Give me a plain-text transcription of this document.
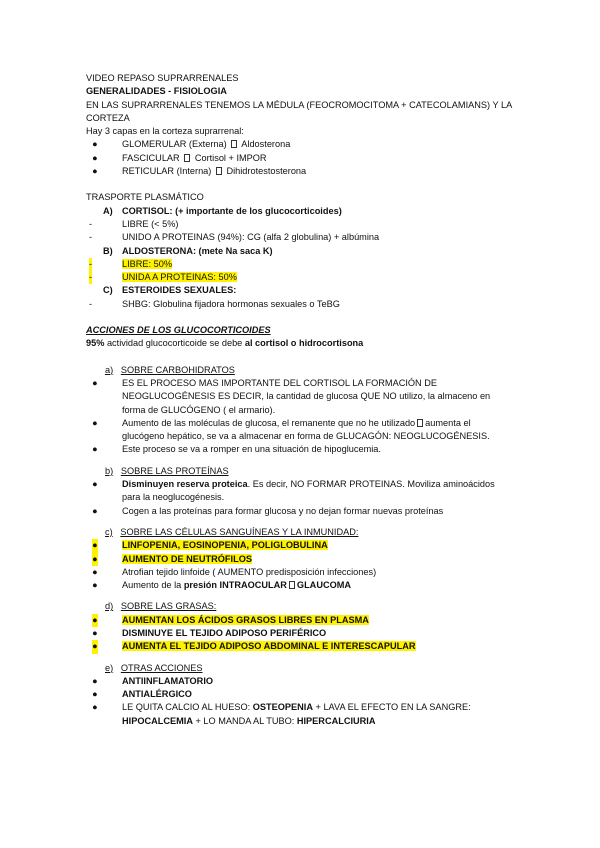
VIDEO REPASO SUPRARRENALES
GENERALIDADES - FISIOLOGIA
EN LAS SUPRARRENALES TENEMOS LA MÉDULA (FEOCROMOCITOMA + CATECOLAMIANS) Y LA
CORTEZA
Hay 3 capas en la corteza suprarrenal:
●	GLOMERULAR (Externa) Aldosterona
●	FASCICULAR Cortisol + IMPOR
●	RETICULAR (Interna) Dihidrotestosterona
TRASPORTE PLASMÁTICO
A) CORTISOL: (+ importante de los glucocorticoides)
-	LIBRE (< 5%)
-	UNIDO A PROTEINAS (94%): CG (alfa 2 globulina) + albúmina
B) ALDOSTERONA: (mete Na saca K)
-	LIBRE: 50%
-	UNIDA A PROTEINAS: 50%
C) ESTEROIDES SEXUALES:
-	SHBG: Globulina fijadora hormonas sexuales o TeBG
ACCIONES DE LOS GLUCOCORTICOIDES
95% actividad glucocorticoide se debe al cortisol o hidrocortisona
a) SOBRE CARBOHIDRATOS
●	ES EL PROCESO MAS IMPORTANTE DEL CORTISOL LA FORMACIÓN DE
NEOGLUCOGÉNESIS ES DECIR, la cantidad de glucosa QUE NO utilizo, la almaceno en
forma de GLUCÓGENO ( el armario).
●	Aumento de las moléculas de glucosa, el remanente que no he utilizado aumenta el
glucógeno hepático, se va a almacenar en forma de GLUCAGÓN: NEOGLUCOGÉNESIS.
●	Este proceso se va a romper en una situación de hipoglucemia.
b) SOBRE LAS PROTEÍNAS
●	Disminuyen reserva proteica. Es decir, NO FORMAR PROTEINAS. Moviliza aminoácidos
para la neoglucogénesis.
●	Cogen a las proteínas para formar glucosa y no dejan formar nuevas proteínas
c) SOBRE LAS CÉLULAS SANGUÍNEAS Y LA INMUNIDAD:
●	LINFOPENIA, EOSINOPENIA, POLIGLOBULINA
●	AUMENTO DE NEUTRÓFILOS
●	Atrofian tejido linfoide ( AUMENTO predisposición infecciones)
●	Aumento de la presión INTRAOCULAR GLAUCOMA
d) SOBRE LAS GRASAS:
●	AUMENTAN LOS ÁCIDOS GRASOS LIBRES EN PLASMA
●	DISMINUYE EL TEJIDO ADIPOSO PERIFÉRICO
●	AUMENTA EL TEJIDO ADIPOSO ABDOMINAL E INTERESCAPULAR
e) OTRAS ACCIONES
●	ANTIINFLAMATORIO
●	ANTIALÉRGICO
●	LE QUITA CALCIO AL HUESO: OSTEOPENIA + LAVA EL EFECTO EN LA SANGRE:
HIPOCALCEMIA + LO MANDA AL TUBO: HIPERCALCIURIA
